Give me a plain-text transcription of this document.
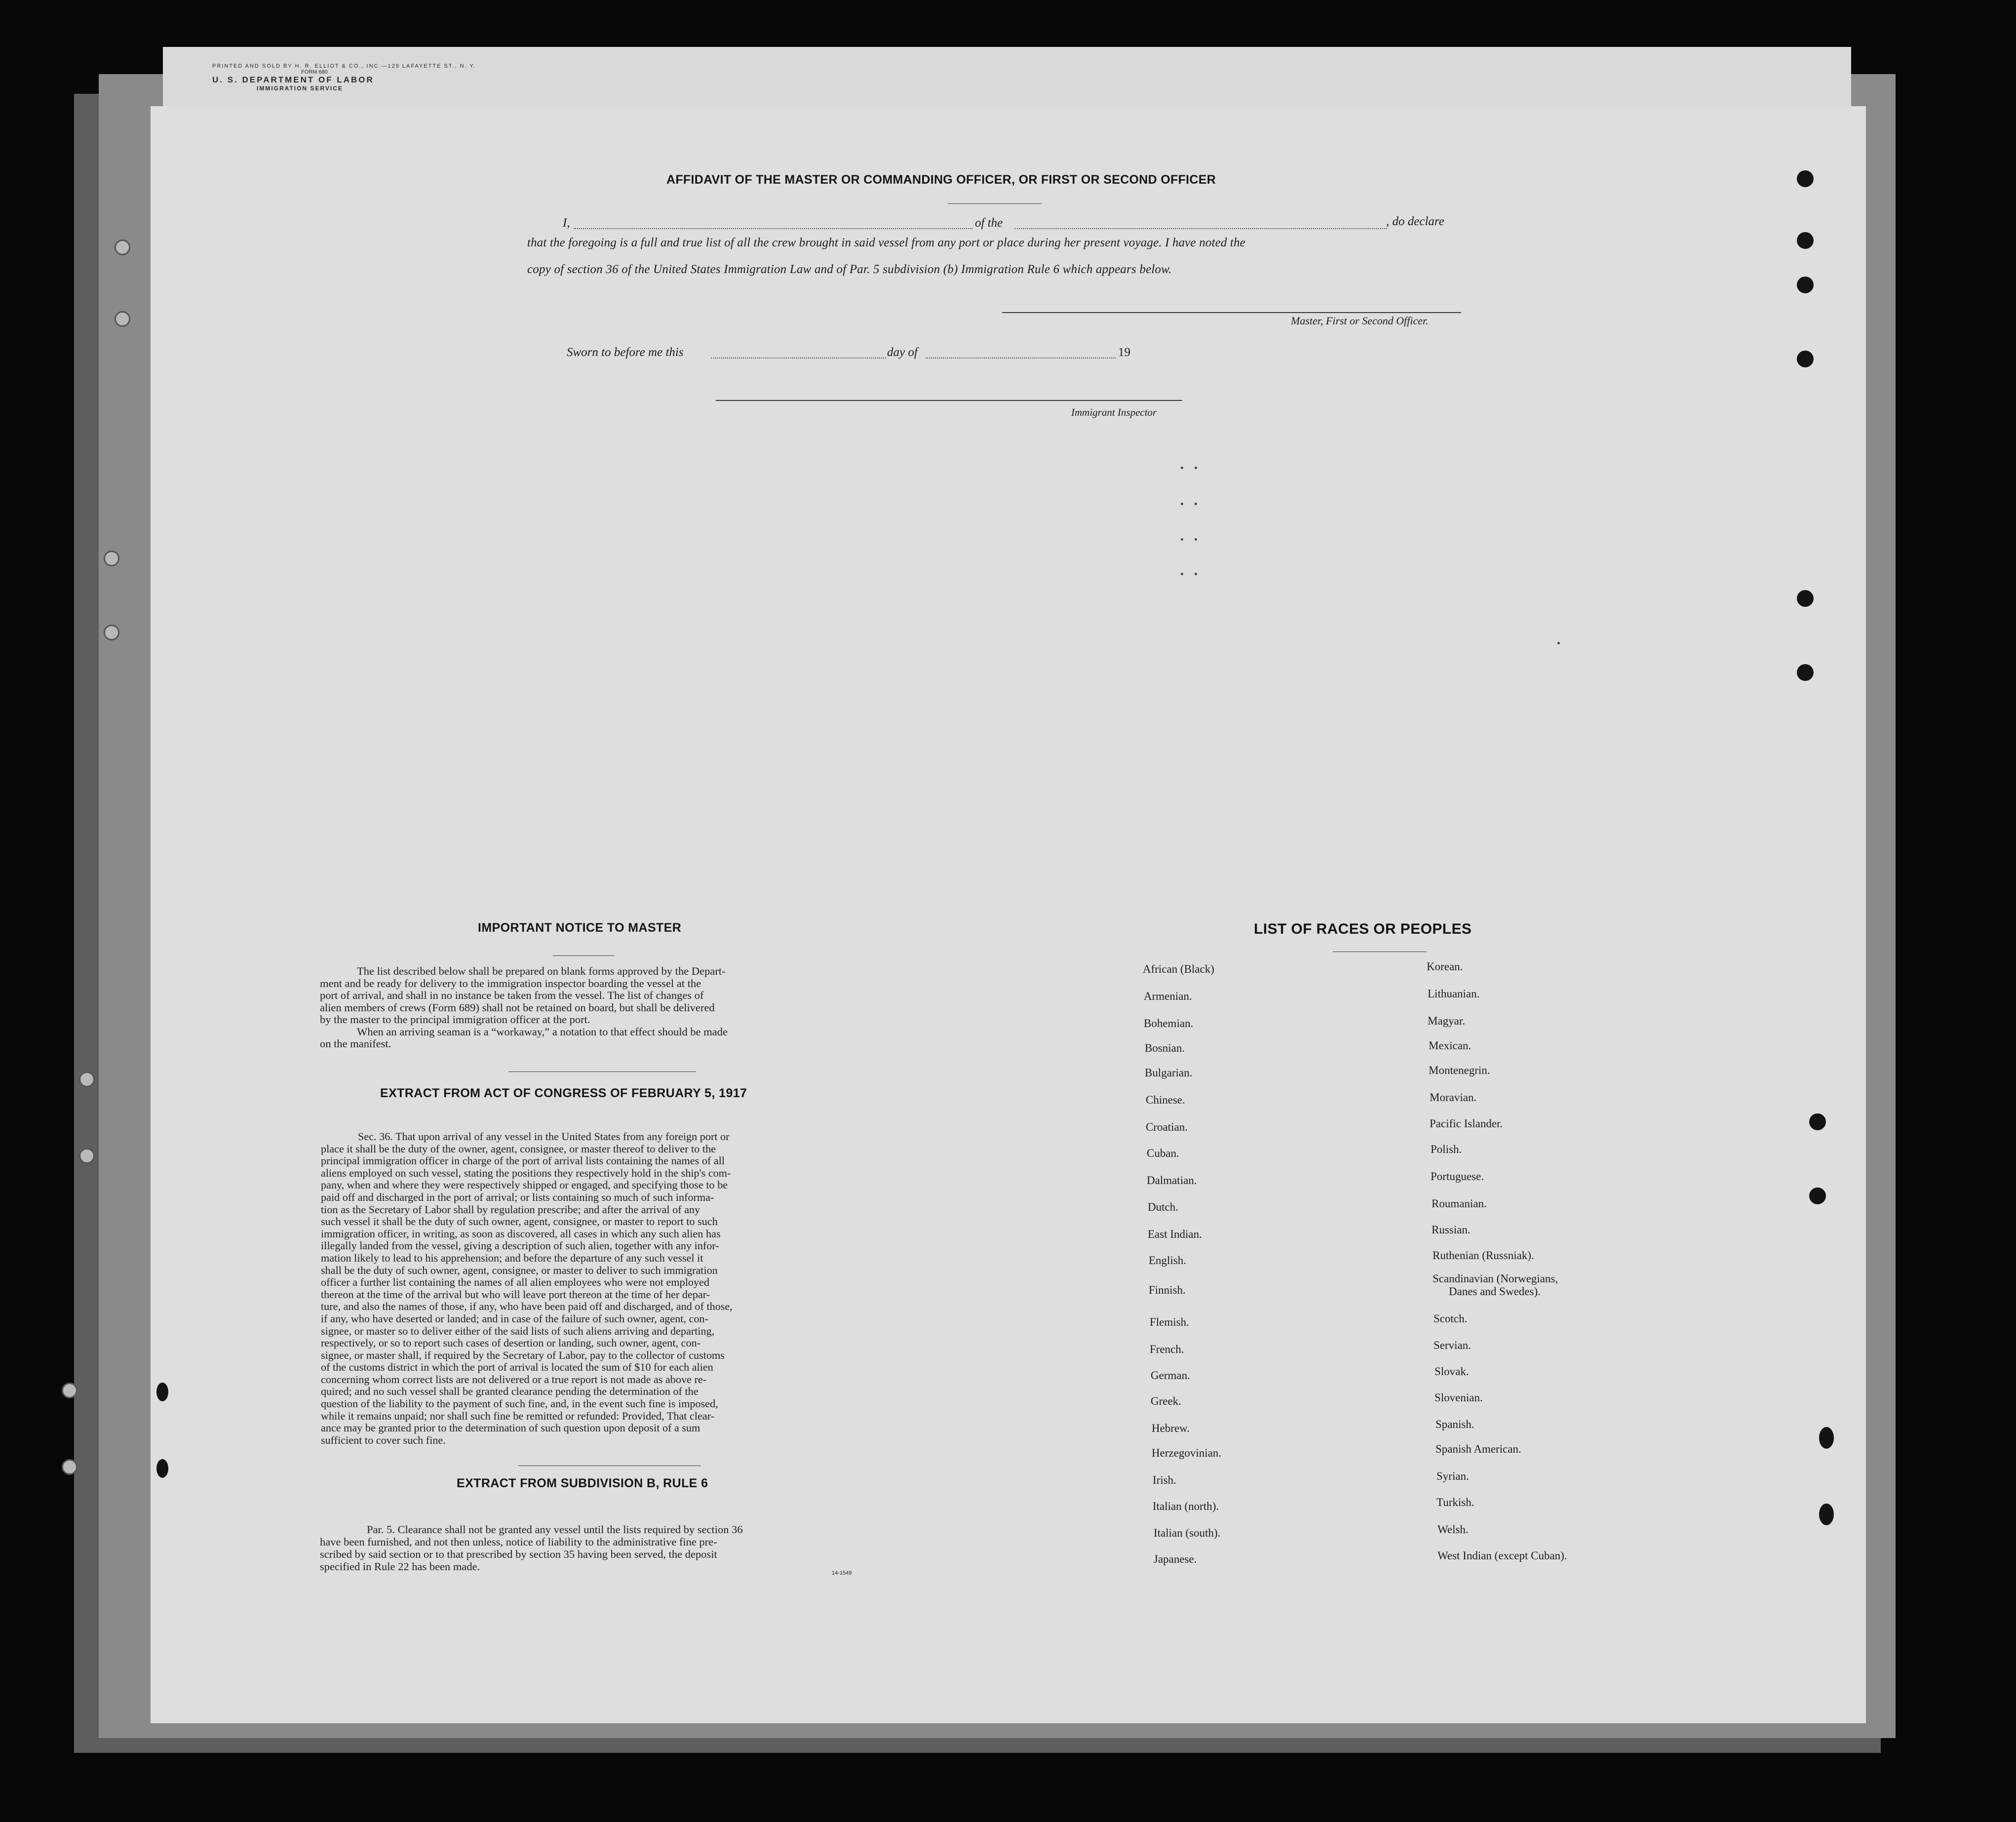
PRINTED AND SOLD BY H. R. ELLIOT & CO., INC.—129 LAFAYETTE ST., N. Y.
FORM 680
U. S. DEPARTMENT OF LABOR
IMMIGRATION SERVICE
AFFIDAVIT OF THE MASTER OR COMMANDING OFFICER, OR FIRST OR SECOND OFFICER
I,	of the	, do declare
that the foregoing is a full and true list of all the crew brought in said vessel from any port or place during her present voyage. I have noted the
copy of section 36 of the United States Immigration Law and of Par. 5 subdivision (b) Immigration Rule 6 which appears below.
Master, First or Second Officer.
Sworn to before me this	day of	19
Immigrant Inspector
IMPORTANT NOTICE TO MASTER
The list described below shall be prepared on blank forms approved by the Depart-
ment and be ready for delivery to the immigration inspector boarding the vessel at the
port of arrival, and shall in no instance be taken from the vessel. The list of changes of
alien members of crews (Form 689) shall not be retained on board, but shall be delivered
by the master to the principal immigration officer at the port.
When an arriving seaman is a “workaway,” a notation to that effect should be made
on the manifest.
EXTRACT FROM ACT OF CONGRESS OF FEBRUARY 5, 1917
Sec. 36. That upon arrival of any vessel in the United States from any foreign port or
place it shall be the duty of the owner, agent, consignee, or master thereof to deliver to the
principal immigration officer in charge of the port of arrival lists containing the names of all
aliens employed on such vessel, stating the positions they respectively hold in the ship's com-
pany, when and where they were respectively shipped or engaged, and specifying those to be
paid off and discharged in the port of arrival; or lists containing so much of such informa-
tion as the Secretary of Labor shall by regulation prescribe; and after the arrival of any
such vessel it shall be the duty of such owner, agent, consignee, or master to report to such
immigration officer, in writing, as soon as discovered, all cases in which any such alien has
illegally landed from the vessel, giving a description of such alien, together with any infor-
mation likely to lead to his apprehension; and before the departure of any such vessel it
shall be the duty of such owner, agent, consignee, or master to deliver to such immigration
officer a further list containing the names of all alien employees who were not employed
thereon at the time of the arrival but who will leave port thereon at the time of her depar-
ture, and also the names of those, if any, who have been paid off and discharged, and of those,
if any, who have deserted or landed; and in case of the failure of such owner, agent, con-
signee, or master so to deliver either of the said lists of such aliens arriving and departing,
respectively, or so to report such cases of desertion or landing, such owner, agent, con-
signee, or master shall, if required by the Secretary of Labor, pay to the collector of customs
of the customs district in which the port of arrival is located the sum of $10 for each alien
concerning whom correct lists are not delivered or a true report is not made as above re-
quired; and no such vessel shall be granted clearance pending the determination of the
question of the liability to the payment of such fine, and, in the event such fine is imposed,
while it remains unpaid; nor shall such fine be remitted or refunded: Provided, That clear-
ance may be granted prior to the determination of such question upon deposit of a sum
sufficient to cover such fine.
EXTRACT FROM SUBDIVISION B, RULE 6
Par. 5. Clearance shall not be granted any vessel until the lists required by section 36
have been furnished, and not then unless, notice of liability to the administrative fine pre-
scribed by said section or to that prescribed by section 35 having been served, the deposit
specified in Rule 22 has been made.
14-1549
LIST OF RACES OR PEOPLES
African (Black)
Armenian.
Bohemian.
Bosnian.
Bulgarian.
Chinese.
Croatian.
Cuban.
Dalmatian.
Dutch.
East Indian.
English.
Finnish.
Flemish.
French.
German.
Greek.
Hebrew.
Herzegovinian.
Irish.
Italian (north).
Italian (south).
Japanese.
Korean.
Lithuanian.
Magyar.
Mexican.
Montenegrin.
Moravian.
Pacific Islander.
Polish.
Portuguese.
Roumanian.
Russian.
Ruthenian (Russniak).
Scandinavian (Norwegians,
Danes and Swedes).
Scotch.
Servian.
Slovak.
Slovenian.
Spanish.
Spanish American.
Syrian.
Turkish.
Welsh.
West Indian (except Cuban).
